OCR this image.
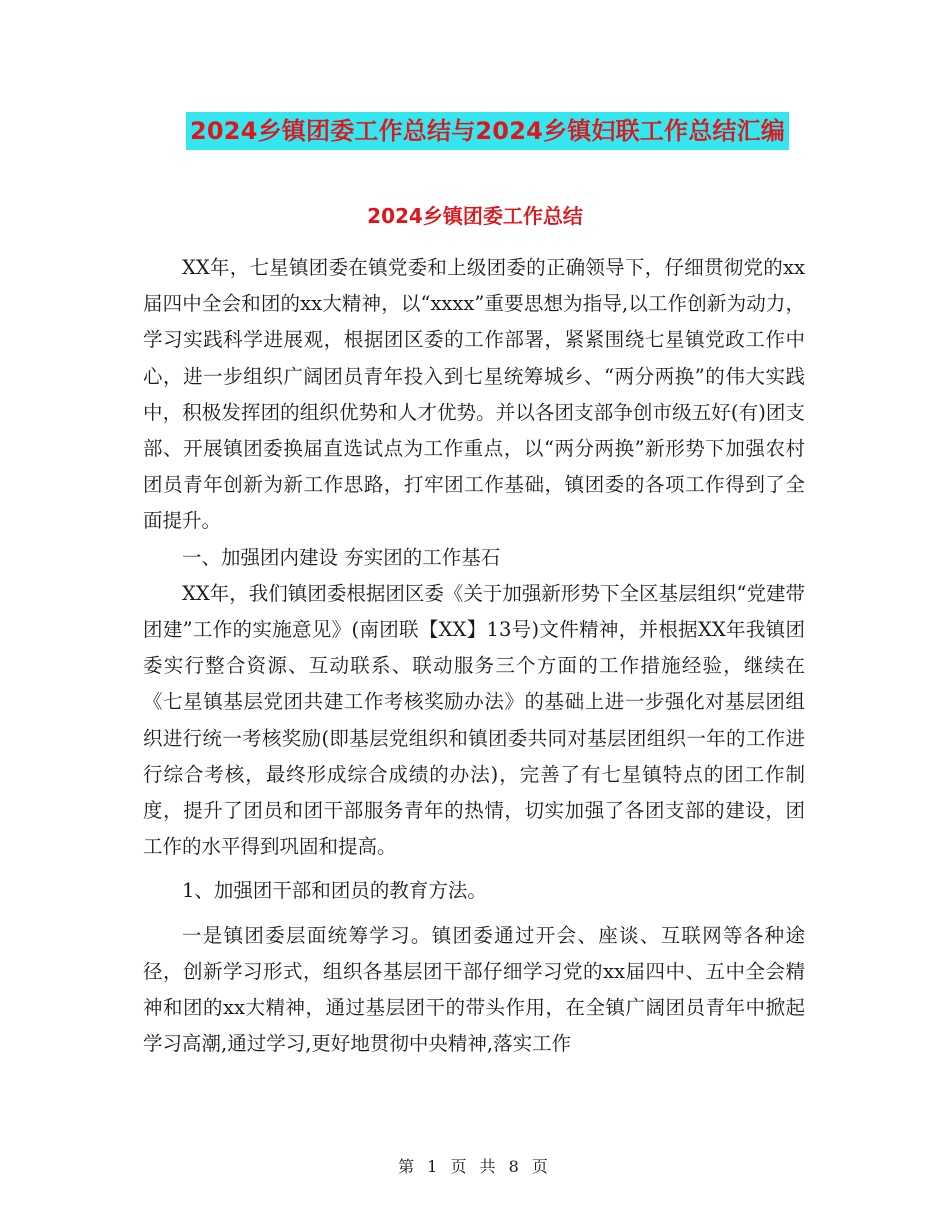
2024乡镇团委工作总结与2024乡镇妇联工作总结汇编
2024乡镇团委工作总结

XX年，七星镇团委在镇党委和上级团委的正确领导下，仔细贯彻党的xx届四中全会和团的xx大精神，以“xxxx”重要思想为指导,以工作创新为动力，学习实践科学进展观，根据团区委的工作部署，紧紧围绕七星镇党政工作中心，进一步组织广阔团员青年投入到七星统筹城乡、“两分两换”的伟大实践中，积极发挥团的组织优势和人才优势。并以各团支部争创市级五好(有)团支部、开展镇团委换届直选试点为工作重点，以“两分两换”新形势下加强农村团员青年创新为新工作思路，打牢团工作基础，镇团委的各项工作得到了全面提升。

一、加强团内建设 夯实团的工作基石

XX年，我们镇团委根据团区委《关于加强新形势下全区基层组织“党建带团建”工作的实施意见》(南团联【XX】13号)文件精神，并根据XX年我镇团委实行整合资源、互动联系、联动服务三个方面的工作措施经验，继续在《七星镇基层党团共建工作考核奖励办法》的基础上进一步强化对基层团组织进行统一考核奖励(即基层党组织和镇团委共同对基层团组织一年的工作进行综合考核，最终形成综合成绩的办法)，完善了有七星镇特点的团工作制度，提升了团员和团干部服务青年的热情，切实加强了各团支部的建设，团工作的水平得到巩固和提高。

1、加强团干部和团员的教育方法。

一是镇团委层面统筹学习。镇团委通过开会、座谈、互联网等各种途径，创新学习形式，组织各基层团干部仔细学习党的xx届四中、五中全会精神和团的xx大精神，通过基层团干的带头作用，在全镇广阔团员青年中掀起学习高潮,通过学习,更好地贯彻中央精神,落实工作

第 1 页 共 8 页
